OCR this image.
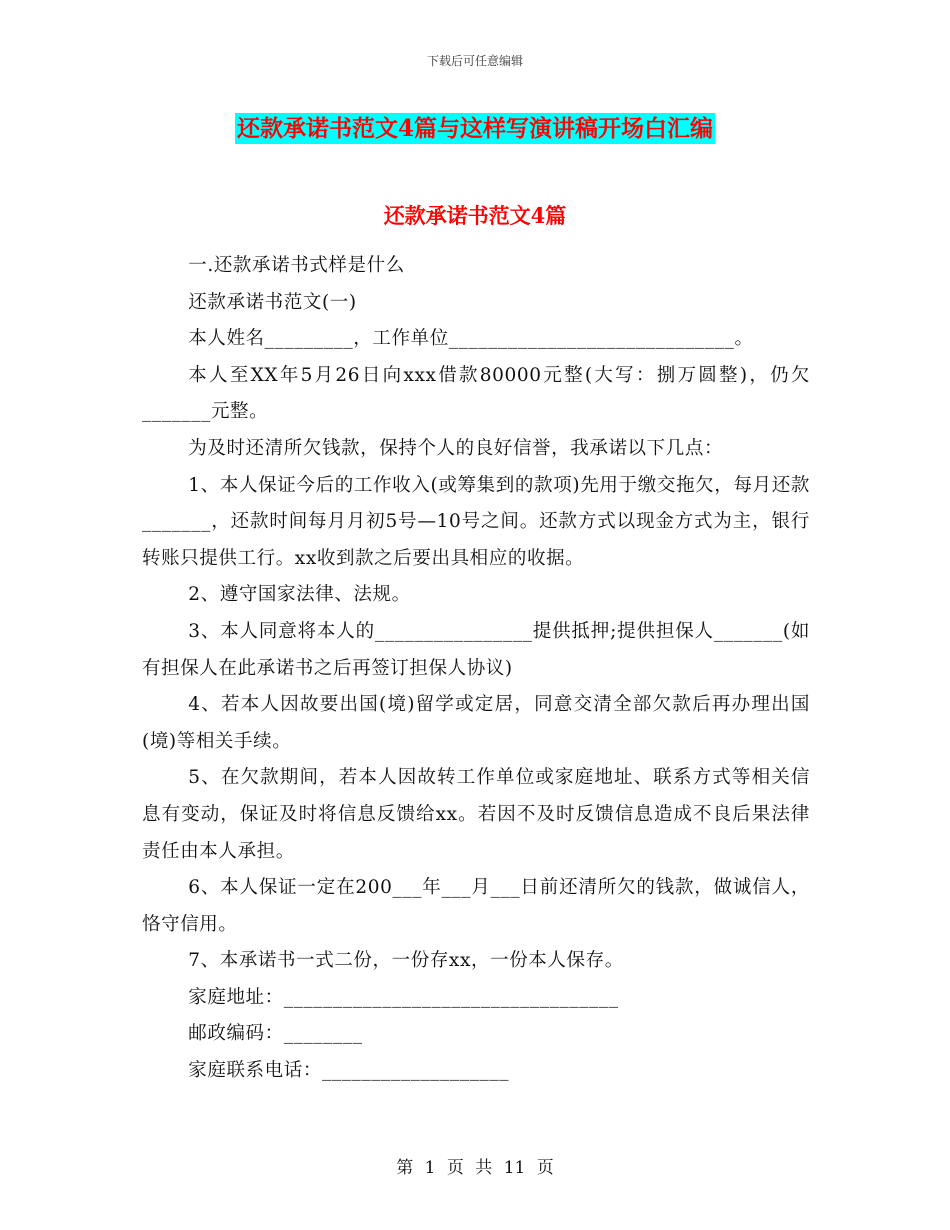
下载后可任意编辑
还款承诺书范文4篇与这样写演讲稿开场白汇编
还款承诺书范文4篇

一.还款承诺书式样是什么

还款承诺书范文(一)

本人姓名_________，工作单位_____________________________。

本人至XX年5月26日向xxx借款80000元整(大写：捌万圆整)，仍欠_______元整。

为及时还清所欠钱款，保持个人的良好信誉，我承诺以下几点：

1、本人保证今后的工作收入(或筹集到的款项)先用于缴交拖欠，每月还款_______，还款时间每月月初5号—10号之间。还款方式以现金方式为主，银行转账只提供工行。xx收到款之后要出具相应的收据。

2、遵守国家法律、法规。

3、本人同意将本人的________________提供抵押;提供担保人_______(如有担保人在此承诺书之后再签订担保人协议)

4、若本人因故要出国(境)留学或定居，同意交清全部欠款后再办理出国(境)等相关手续。

5、在欠款期间，若本人因故转工作单位或家庭地址、联系方式等相关信息有变动，保证及时将信息反馈给xx。若因不及时反馈信息造成不良后果法律责任由本人承担。

6、本人保证一定在200___年___月___日前还清所欠的钱款，做诚信人，恪守信用。

7、本承诺书一式二份，一份存xx，一份本人保存。

家庭地址：__________________________________

邮政编码：________

家庭联系电话：___________________

第 1 页 共 11 页
